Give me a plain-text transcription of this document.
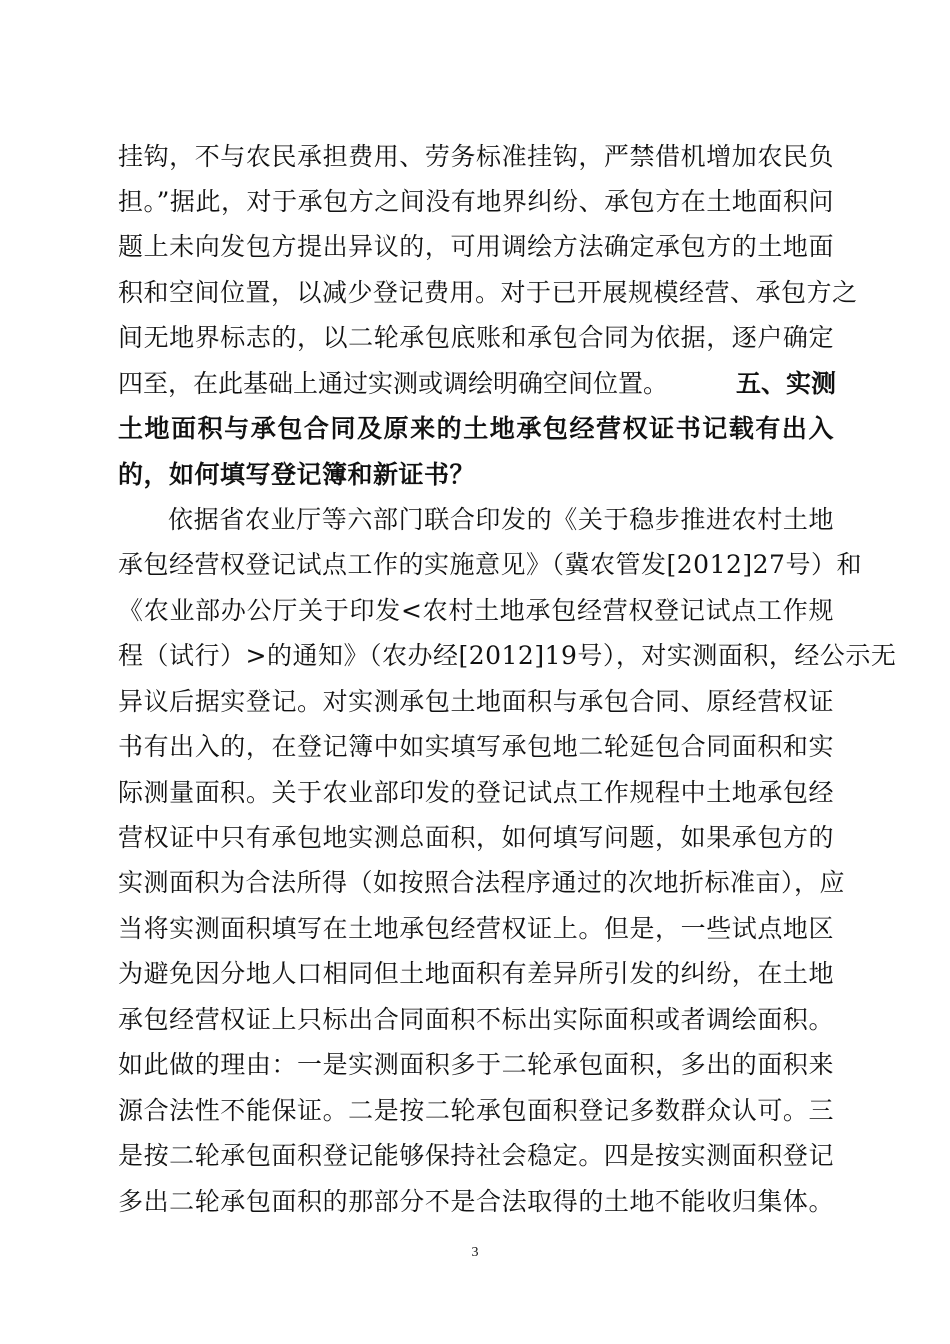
挂钩，不与农民承担费用、劳务标准挂钩，严禁借机增加农民负
担。”据此，对于承包方之间没有地界纠纷、承包方在土地面积问
题上未向发包方提出异议的，可用调绘方法确定承包方的土地面
积和空间位置，以减少登记费用。对于已开展规模经营、承包方之
间无地界标志的，以二轮承包底账和承包合同为依据，逐户确定
四至，在此基础上通过实测或调绘明确空间位置。	五、实测
土地面积与承包合同及原来的土地承包经营权证书记载有出入
的，如何填写登记簿和新证书？
依据省农业厅等六部门联合印发的《关于稳步推进农村土地
承包经营权登记试点工作的实施意见》（冀农管发[2012]27号）和
《农业部办公厅关于印发<农村土地承包经营权登记试点工作规
程（试行）>的通知》（农办经[2012]19号），对实测面积，经公示无
异议后据实登记。对实测承包土地面积与承包合同、原经营权证
书有出入的，在登记簿中如实填写承包地二轮延包合同面积和实
际测量面积。关于农业部印发的登记试点工作规程中土地承包经
营权证中只有承包地实测总面积，如何填写问题，如果承包方的
实测面积为合法所得（如按照合法程序通过的次地折标准亩），应
当将实测面积填写在土地承包经营权证上。但是，一些试点地区
为避免因分地人口相同但土地面积有差异所引发的纠纷，在土地
承包经营权证上只标出合同面积不标出实际面积或者调绘面积。
如此做的理由：一是实测面积多于二轮承包面积，多出的面积来
源合法性不能保证。二是按二轮承包面积登记多数群众认可。三
是按二轮承包面积登记能够保持社会稳定。四是按实测面积登记
多出二轮承包面积的那部分不是合法取得的土地不能收归集体。
3
